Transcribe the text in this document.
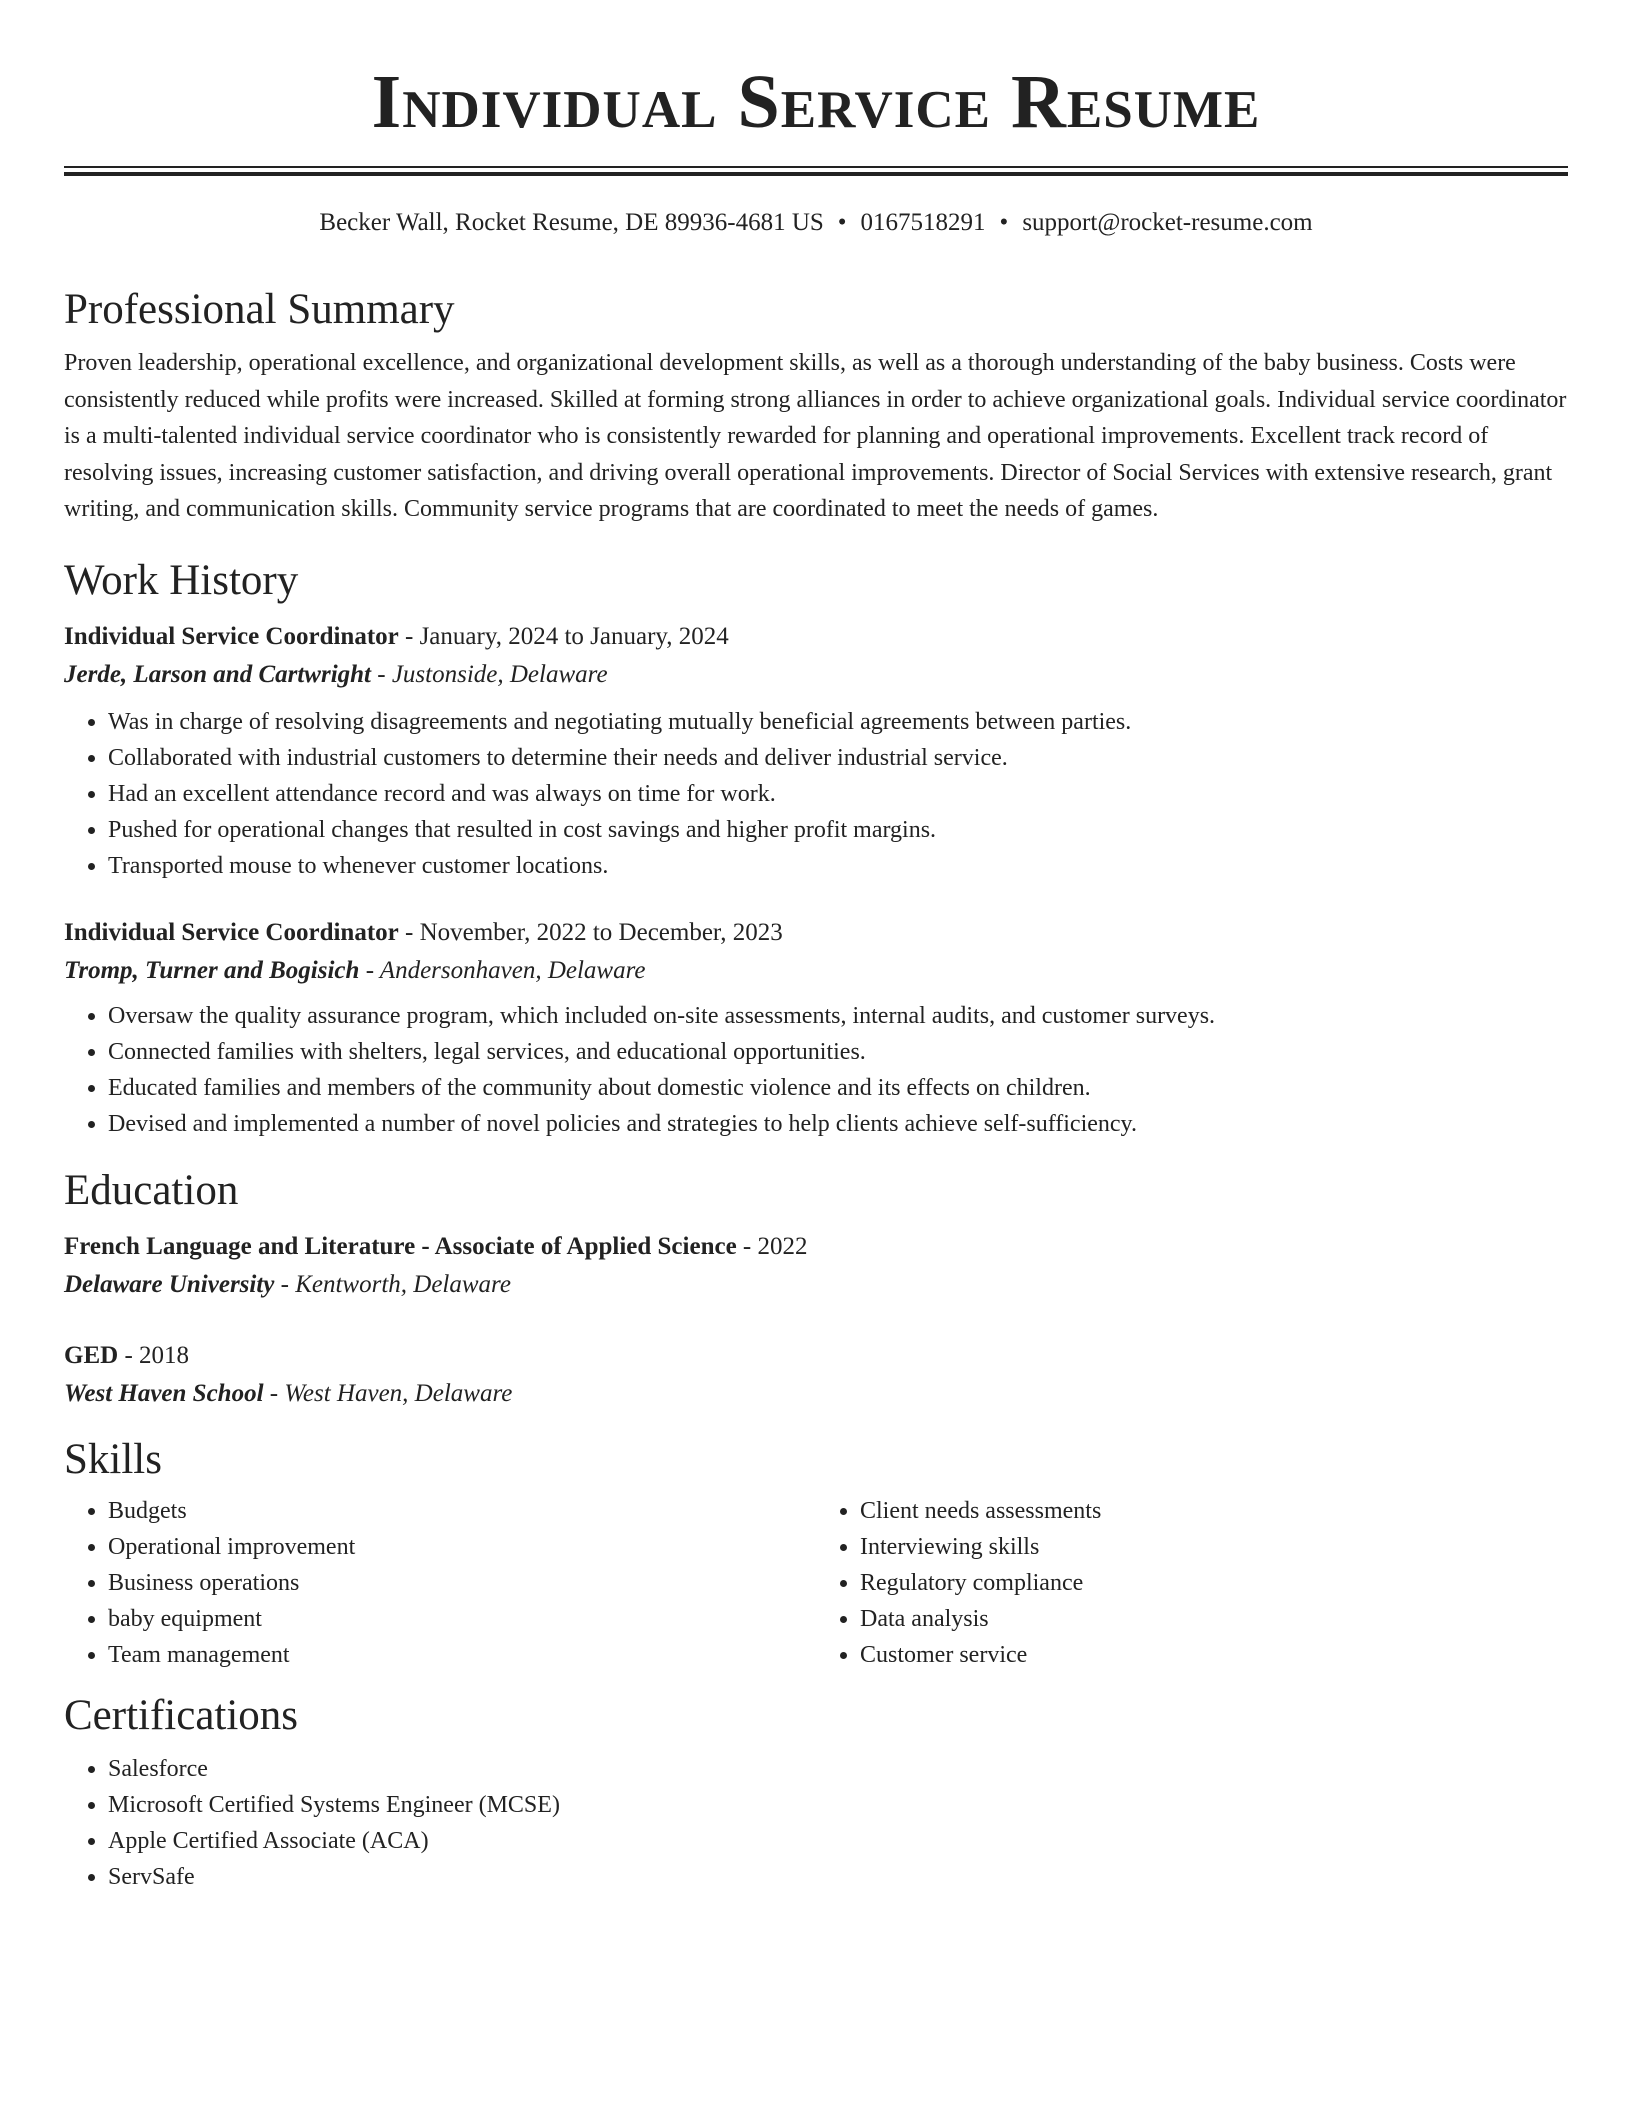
Individual Service Resume
Becker Wall, Rocket Resume, DE 89936-4681 US • 0167518291 • support@rocket-resume.com
Professional Summary

Proven leadership, operational excellence, and organizational development skills, as well as a thorough understanding of the baby business. Costs were consistently reduced while profits were increased. Skilled at forming strong alliances in order to achieve organizational goals. Individual service coordinator is a multi-talented individual service coordinator who is consistently rewarded for planning and operational improvements. Excellent track record of resolving issues, increasing customer satisfaction, and driving overall operational improvements. Director of Social Services with extensive research, grant writing, and communication skills. Community service programs that are coordinated to meet the needs of games.

Work History
Individual Service Coordinator - January, 2024 to January, 2024
Jerde, Larson and Cartwright - Justonside, Delaware
• Was in charge of resolving disagreements and negotiating mutually beneficial agreements between parties.
• Collaborated with industrial customers to determine their needs and deliver industrial service.
• Had an excellent attendance record and was always on time for work.
• Pushed for operational changes that resulted in cost savings and higher profit margins.
• Transported mouse to whenever customer locations.
Individual Service Coordinator - November, 2022 to December, 2023
Tromp, Turner and Bogisich - Andersonhaven, Delaware
• Oversaw the quality assurance program, which included on-site assessments, internal audits, and customer surveys.
• Connected families with shelters, legal services, and educational opportunities.
• Educated families and members of the community about domestic violence and its effects on children.
• Devised and implemented a number of novel policies and strategies to help clients achieve self-sufficiency.
Education
French Language and Literature - Associate of Applied Science - 2022
Delaware University - Kentworth, Delaware
GED - 2018
West Haven School - West Haven, Delaware
Skills
• Budgets
• Operational improvement
• Business operations
• baby equipment
• Team management
• Client needs assessments
• Interviewing skills
• Regulatory compliance
• Data analysis
• Customer service
Certifications
• Salesforce
• Microsoft Certified Systems Engineer (MCSE)
• Apple Certified Associate (ACA)
• ServSafe
